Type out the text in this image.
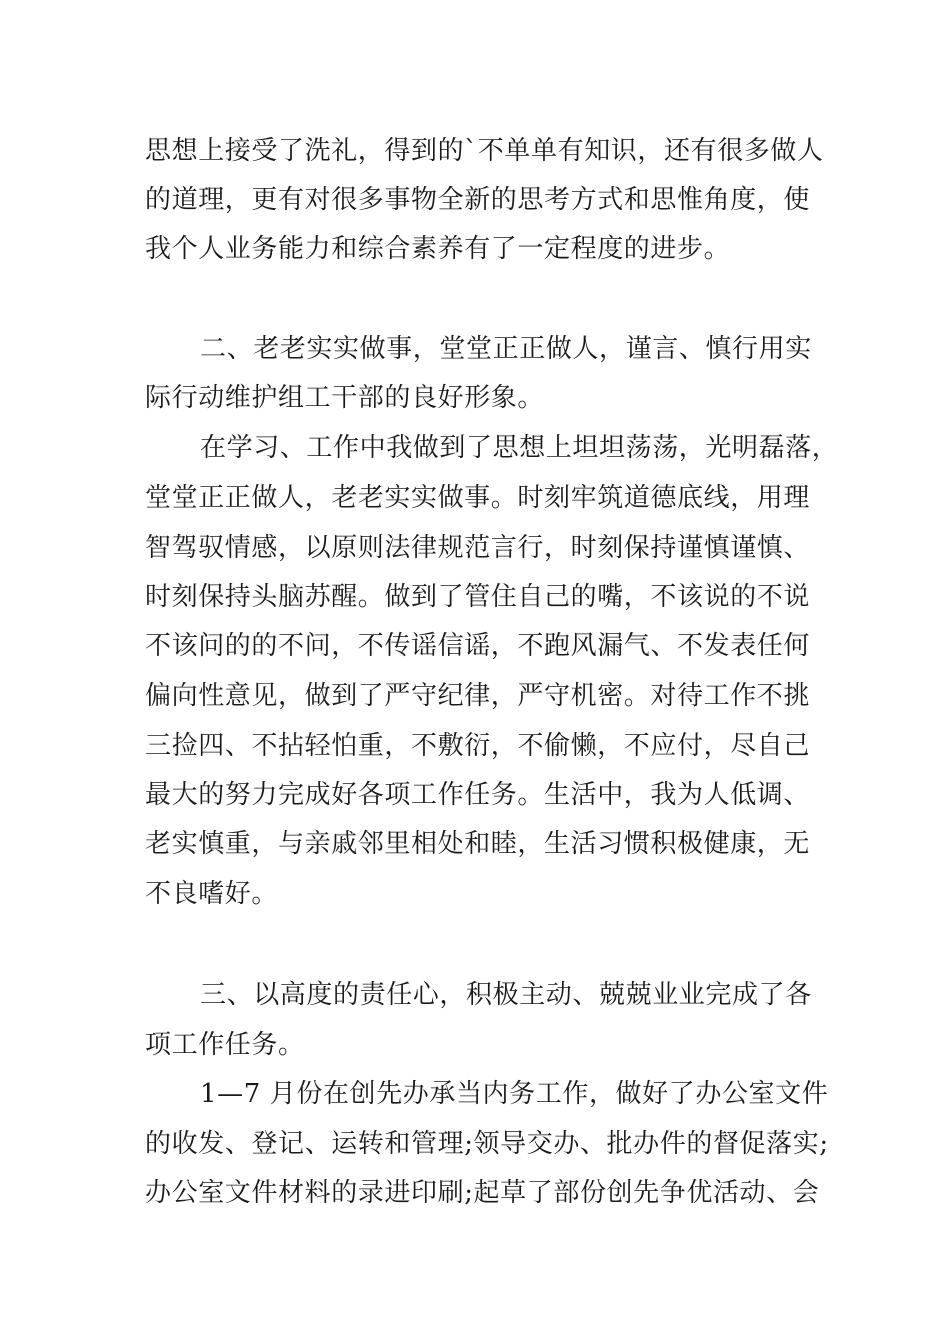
思想上接受了洗礼，得到的`不单单有知识，还有很多做人
的道理，更有对很多事物全新的思考方式和思惟角度，使
我个人业务能力和综合素养有了一定程度的进步。
二、老老实实做事，堂堂正正做人，谨言、慎行用实
际行动维护组工干部的良好形象。
在学习、工作中我做到了思想上坦坦荡荡，光明磊落，
堂堂正正做人，老老实实做事。时刻牢筑道德底线，用理
智驾驭情感，以原则法律规范言行，时刻保持谨慎谨慎、
时刻保持头脑苏醒。做到了管住自己的嘴，不该说的不说
不该问的的不问，不传谣信谣，不跑风漏气、不发表任何
偏向性意见，做到了严守纪律，严守机密。对待工作不挑
三捡四、不拈轻怕重，不敷衍，不偷懒，不应付，尽自己
最大的努力完成好各项工作任务。生活中，我为人低调、
老实慎重，与亲戚邻里相处和睦，生活习惯积极健康，无
不良嗜好。
三、以高度的责任心，积极主动、兢兢业业完成了各
项工作任务。
1—7 月份在创先办承当内务工作，做好了办公室文件
的收发、登记、运转和管理;领导交办、批办件的督促落实;
办公室文件材料的录进印刷;起草了部份创先争优活动、会
